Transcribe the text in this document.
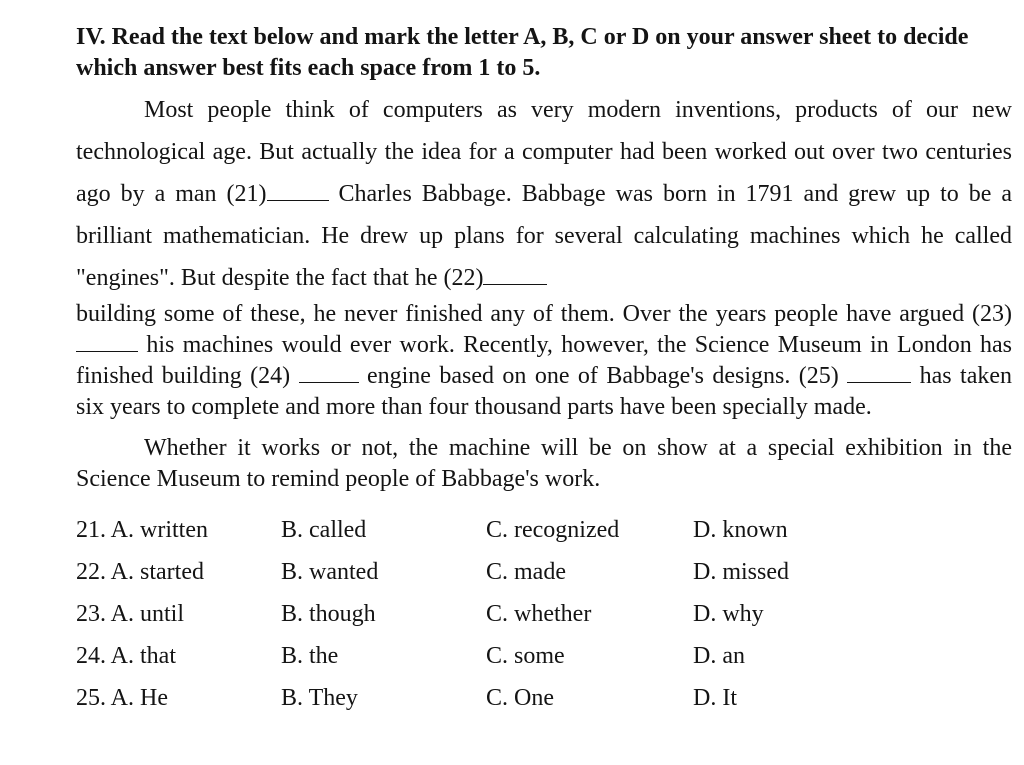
IV. Read the text below and mark the letter A, B, C or D on your answer sheet to decide which answer best fits each space from 1 to 5.

Most people think of computers as very modern inventions, products of our new technological age. But actually the idea for a computer had been worked out over two centuries ago by a man (21)	Charles Babbage. Babbage was born in 1791 and grew up to be a brilliant mathematician. He drew up plans for several calculating machines which he called "engines". But despite the fact that he (22)

building some of these, he never finished any of them. Over the years people have argued (23)  his machines would ever work. Recently, however, the Science Museum in London has finished building (24)	engine based on one of Babbage's designs. (25)	has taken six years to complete and more than four thousand parts have been specially made.

Whether it works or not, the machine will be on show at a special exhibition in the Science Museum to remind people of Babbage's work.

21. A. written	B. called	C. recognized	D. known
22. A. started	B. wanted	C. made	D. missed
23. A. until	B. though	C. whether	D. why
24. A. that	B. the	C. some	D. an
25. A. He	B. They	C. One	D. It
